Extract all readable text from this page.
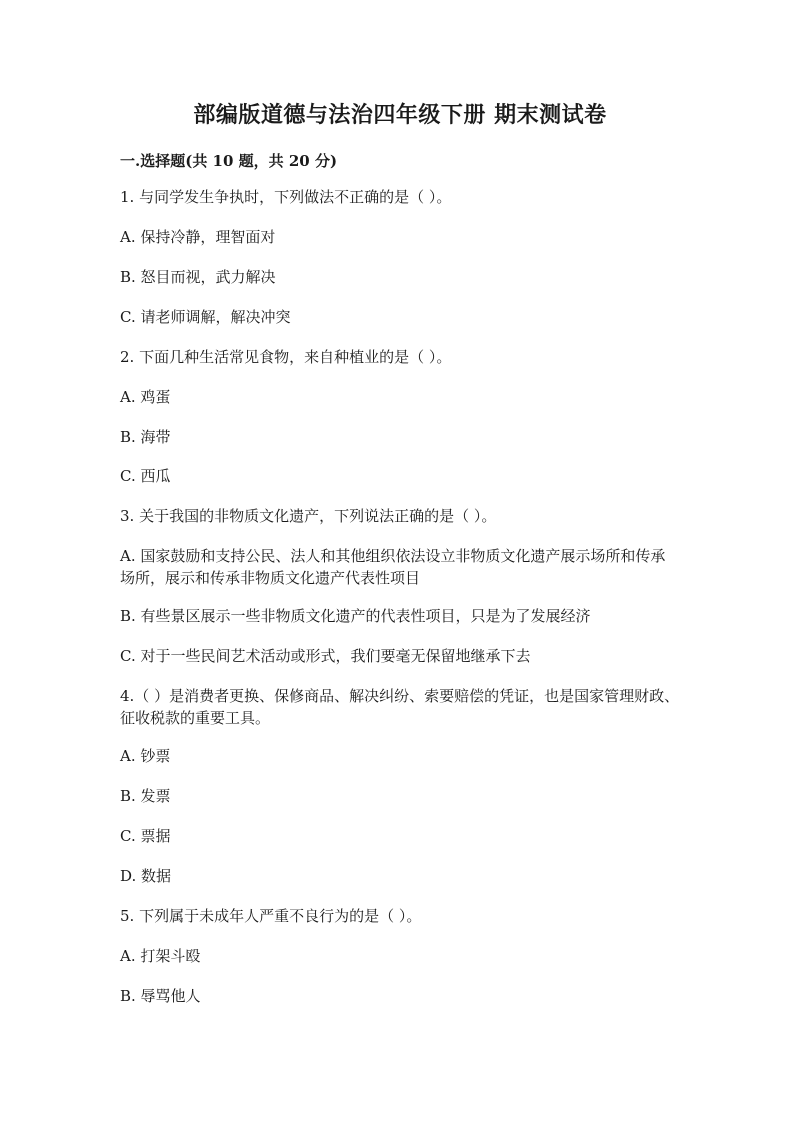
部编版道德与法治四年级下册 期末测试卷
一.选择题(共 10 题，共 20 分)
1. 与同学发生争执时，下列做法不正确的是（ ）。
A. 保持冷静，理智面对
B. 怒目而视，武力解决
C. 请老师调解，解决冲突
2. 下面几种生活常见食物，来自种植业的是（ ）。
A. 鸡蛋
B. 海带
C. 西瓜
3. 关于我国的非物质文化遗产，下列说法正确的是（ ）。
A. 国家鼓励和支持公民、法人和其他组织依法设立非物质文化遗产展示场所和传承场所，展示和传承非物质文化遗产代表性项目
B. 有些景区展示一些非物质文化遗产的代表性项目，只是为了发展经济
C. 对于一些民间艺术活动或形式，我们要毫无保留地继承下去
4.（ ）是消费者更换、保修商品、解决纠纷、索要赔偿的凭证，也是国家管理财政、征收税款的重要工具。
A. 钞票
B. 发票
C. 票据
D. 数据
5. 下列属于未成年人严重不良行为的是（ ）。
A. 打架斗殴
B. 辱骂他人
